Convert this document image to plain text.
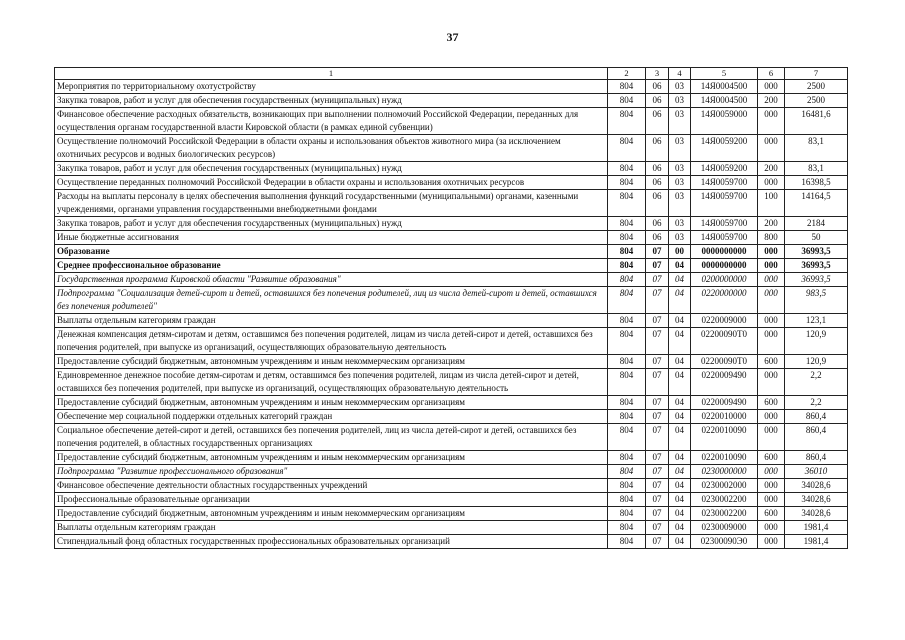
37
1	2	3	4	5	6	7
Мероприятия по территориальному охотустройству	804	06	03	14Я0004500	000	2500
Закупка товаров, работ и услуг для обеспечения государственных (муниципальных) нужд	804	06	03	14Я0004500	200	2500
Финансовое обеспечение расходных обязательств, возникающих при выполнении полномочий Российской Федерации, переданных для осуществления органам государственной власти Кировской области (в рамках единой субвенции)	804	06	03	14Я0059000	000	16481,6
Осуществление полномочий Российской Федерации в области охраны и использования объектов животного мира (за исключением охотничьих ресурсов и водных биологических ресурсов)	804	06	03	14Я0059200	000	83,1
Закупка товаров, работ и услуг для обеспечения государственных (муниципальных) нужд	804	06	03	14Я0059200	200	83,1
Осуществление переданных полномочий Российской Федерации в области охраны и использования охотничьих ресурсов	804	06	03	14Я0059700	000	16398,5
Расходы на выплаты персоналу в целях обеспечения выполнения функций государственными (муниципальными) органами, казенными учреждениями, органами управления государственными внебюджетными фондами	804	06	03	14Я0059700	100	14164,5
Закупка товаров, работ и услуг для обеспечения государственных (муниципальных) нужд	804	06	03	14Я0059700	200	2184
Иные бюджетные ассигнования	804	06	03	14Я0059700	800	50
Образование	804	07	00	0000000000	000	36993,5
Среднее профессиональное образование	804	07	04	0000000000	000	36993,5
Государственная программа Кировской области "Развитие образования"	804	07	04	0200000000	000	36993,5
Подпрограмма "Социализация детей-сирот и детей, оставшихся без попечения родителей, лиц из числа детей-сирот и детей, оставшихся без попечения родителей"	804	07	04	0220000000	000	983,5
Выплаты отдельным категориям граждан	804	07	04	0220009000	000	123,1
Денежная компенсация детям-сиротам и детям, оставшимся без попечения родителей, лицам из числа детей-сирот и детей, оставшихся без попечения родителей, при выпуске из организаций, осуществляющих образовательную деятельность	804	07	04	02200090Т0	000	120,9
Предоставление субсидий бюджетным, автономным учреждениям и иным некоммерческим организациям	804	07	04	02200090Т0	600	120,9
Единовременное денежное пособие детям-сиротам и детям, оставшимся без попечения родителей, лицам из числа детей-сирот и детей, оставшихся без попечения родителей, при выпуске из организаций, осуществляющих образовательную деятельность	804	07	04	0220009490	000	2,2
Предоставление субсидий бюджетным, автономным учреждениям и иным некоммерческим организациям	804	07	04	0220009490	600	2,2
Обеспечение мер социальной поддержки отдельных категорий граждан	804	07	04	0220010000	000	860,4
Социальное обеспечение детей-сирот и детей, оставшихся без попечения родителей, лиц из числа детей-сирот и детей, оставшихся без попечения родителей, в областных государственных организациях	804	07	04	0220010090	000	860,4
Предоставление субсидий бюджетным, автономным учреждениям и иным некоммерческим организациям	804	07	04	0220010090	600	860,4
Подпрограмма "Развитие профессионального образования"	804	07	04	0230000000	000	36010
Финансовое обеспечение деятельности областных государственных учреждений	804	07	04	0230002000	000	34028,6
Профессиональные образовательные организации	804	07	04	0230002200	000	34028,6
Предоставление субсидий бюджетным, автономным учреждениям и иным некоммерческим организациям	804	07	04	0230002200	600	34028,6
Выплаты отдельным категориям граждан	804	07	04	0230009000	000	1981,4
Стипендиальный фонд областных государственных профессиональных образовательных организаций	804	07	04	02300090Э0	000	1981,4
